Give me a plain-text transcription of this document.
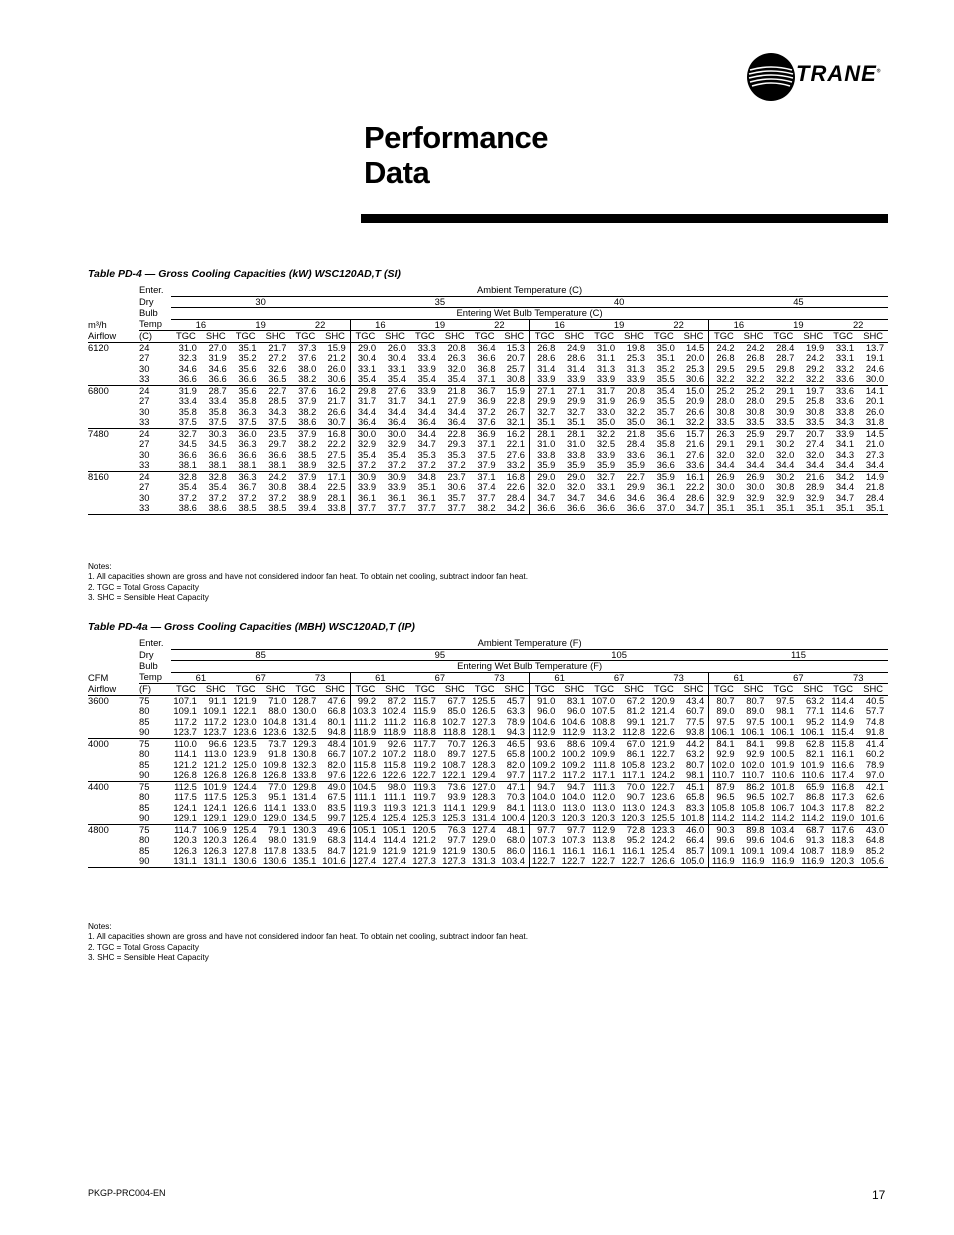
TRANE®
Performance
Data
Table PD-4 — Gross Cooling Capacities (kW) WSC120AD,T (SI)
	Enter.	Ambient Temperature (C)																							
	Dry	30						35						40						45					
	Bulb	Entering Wet Bulb Temperature (C)																							
m³/h	Temp	16		19		22		16		19		22		16		19		22		16		19		22	
Airflow	(C)	TGC	SHC	TGC	SHC	TGC	SHC	TGC	SHC	TGC	SHC	TGC	SHC	TGC	SHC	TGC	SHC	TGC	SHC	TGC	SHC	TGC	SHC	TGC	SHC
6120	24	31.0	27.0	35.1	21.7	37.3	15.9	29.0	26.0	33.3	20.8	36.4	15.3	26.8	24.9	31.0	19.8	35.0	14.5	24.2	24.2	28.4	19.9	33.1	13.7
	27	32.3	31.9	35.2	27.2	37.6	21.2	30.4	30.4	33.4	26.3	36.6	20.7	28.6	28.6	31.1	25.3	35.1	20.0	26.8	26.8	28.7	24.2	33.1	19.1
	30	34.6	34.6	35.6	32.6	38.0	26.0	33.1	33.1	33.9	32.0	36.8	25.7	31.4	31.4	31.3	31.3	35.2	25.3	29.5	29.5	29.8	29.2	33.2	24.6
	33	36.6	36.6	36.6	36.5	38.2	30.6	35.4	35.4	35.4	35.4	37.1	30.8	33.9	33.9	33.9	33.9	35.5	30.6	32.2	32.2	32.2	32.2	33.6	30.0
6800	24	31.9	28.7	35.6	22.7	37.6	16.2	29.8	27.6	33.9	21.8	36.7	15.9	27.1	27.1	31.7	20.8	35.4	15.0	25.2	25.2	29.1	19.7	33.6	14.1
	27	33.4	33.4	35.8	28.5	37.9	21.7	31.7	31.7	34.1	27.9	36.9	22.8	29.9	29.9	31.9	26.9	35.5	20.9	28.0	28.0	29.5	25.8	33.6	20.1
	30	35.8	35.8	36.3	34.3	38.2	26.6	34.4	34.4	34.4	34.4	37.2	26.7	32.7	32.7	33.0	32.2	35.7	26.6	30.8	30.8	30.9	30.8	33.8	26.0
	33	37.5	37.5	37.5	37.5	38.6	30.7	36.4	36.4	36.4	36.4	37.6	32.1	35.1	35.1	35.0	35.0	36.1	32.2	33.5	33.5	33.5	33.5	34.3	31.8
7480	24	32.7	30.3	36.0	23.5	37.9	16.8	30.0	30.0	34.4	22.8	36.9	16.2	28.1	28.1	32.2	21.8	35.6	15.7	26.3	25.9	29.7	20.7	33.9	14.5
	27	34.5	34.5	36.3	29.7	38.2	22.2	32.9	32.9	34.7	29.3	37.1	22.1	31.0	31.0	32.5	28.4	35.8	21.6	29.1	29.1	30.2	27.4	34.1	21.0
	30	36.6	36.6	36.6	36.6	38.5	27.5	35.4	35.4	35.3	35.3	37.5	27.6	33.8	33.8	33.9	33.6	36.1	27.6	32.0	32.0	32.0	32.0	34.3	27.3
	33	38.1	38.1	38.1	38.1	38.9	32.5	37.2	37.2	37.2	37.2	37.9	33.2	35.9	35.9	35.9	35.9	36.6	33.6	34.4	34.4	34.4	34.4	34.4	34.4
8160	24	32.8	32.8	36.3	24.2	37.9	17.1	30.9	30.9	34.8	23.7	37.1	16.8	29.0	29.0	32.7	22.7	35.9	16.1	26.9	26.9	30.2	21.6	34.2	14.9
	27	35.4	35.4	36.7	30.8	38.4	22.5	33.9	33.9	35.1	30.6	37.4	22.6	32.0	32.0	33.1	29.9	36.1	22.2	30.0	30.0	30.8	28.9	34.4	21.8
	30	37.2	37.2	37.2	37.2	38.9	28.1	36.1	36.1	36.1	35.7	37.7	28.4	34.7	34.7	34.6	34.6	36.4	28.6	32.9	32.9	32.9	32.9	34.7	28.4
	33	38.6	38.6	38.5	38.5	39.4	33.8	37.7	37.7	37.7	37.7	38.2	34.2	36.6	36.6	36.6	36.6	37.0	34.7	35.1	35.1	35.1	35.1	35.1	35.1
Notes:
1. All capacities shown are gross and have not considered indoor fan heat. To obtain net cooling, subtract indoor fan heat.
2. TGC = Total Gross Capacity
3. SHC = Sensible Heat Capacity
Table PD-4a — Gross Cooling Capacities (MBH) WSC120AD,T (IP)
	Enter.	Ambient Temperature (F)																							
	Dry	85						95						105						115					
	Bulb	Entering Wet Bulb Temperature (F)																							
CFM	Temp	61		67		73		61		67		73		61		67		73		61		67		73	
Airflow	(F)	TGC	SHC	TGC	SHC	TGC	SHC	TGC	SHC	TGC	SHC	TGC	SHC	TGC	SHC	TGC	SHC	TGC	SHC	TGC	SHC	TGC	SHC	TGC	SHC
3600	75	107.1	91.1	121.9	71.0	128.7	47.6	99.2	87.2	115.7	67.7	125.5	45.7	91.0	83.1	107.0	67.2	120.9	43.4	80.7	80.7	97.5	63.2	114.4	40.5
	80	109.1	109.1	122.1	88.0	130.0	66.8	103.3	102.4	115.9	85.0	126.5	63.3	96.0	96.0	107.5	81.2	121.4	60.7	89.0	89.0	98.1	77.1	114.6	57.7
	85	117.2	117.2	123.0	104.8	131.4	80.1	111.2	111.2	116.8	102.7	127.3	78.9	104.6	104.6	108.8	99.1	121.7	77.5	97.5	97.5	100.1	95.2	114.9	74.8
	90	123.7	123.7	123.6	123.6	132.5	94.8	118.9	118.9	118.8	118.8	128.1	94.3	112.9	112.9	113.2	112.8	122.6	93.8	106.1	106.1	106.1	106.1	115.4	91.8
4000	75	110.0	96.6	123.5	73.7	129.3	48.4	101.9	92.6	117.7	70.7	126.3	46.5	93.6	88.6	109.4	67.0	121.9	44.2	84.1	84.1	99.8	62.8	115.8	41.4
	80	114.1	113.0	123.9	91.8	130.8	66.7	107.2	107.2	118.0	89.7	127.5	65.8	100.2	100.2	109.9	86.1	122.7	63.2	92.9	92.9	100.5	82.1	116.1	60.2
	85	121.2	121.2	125.0	109.8	132.3	82.0	115.8	115.8	119.2	108.7	128.3	82.0	109.2	109.2	111.8	105.8	123.2	80.7	102.0	102.0	101.9	101.9	116.6	78.9
	90	126.8	126.8	126.8	126.8	133.8	97.6	122.6	122.6	122.7	122.1	129.4	97.7	117.2	117.2	117.1	117.1	124.2	98.1	110.7	110.7	110.6	110.6	117.4	97.0
4400	75	112.5	101.9	124.4	77.0	129.8	49.0	104.5	98.0	119.3	73.6	127.0	47.1	94.7	94.7	111.3	70.0	122.7	45.1	87.9	86.2	101.8	65.9	116.8	42.1
	80	117.5	117.5	125.3	95.1	131.4	67.5	111.1	111.1	119.7	93.9	128.3	70.3	104.0	104.0	112.0	90.7	123.6	65.8	96.5	96.5	102.7	86.8	117.3	62.6
	85	124.1	124.1	126.6	114.1	133.0	83.5	119.3	119.3	121.3	114.1	129.9	84.1	113.0	113.0	113.0	113.0	124.3	83.3	105.8	105.8	106.7	104.3	117.8	82.2
	90	129.1	129.1	129.0	129.0	134.5	99.7	125.4	125.4	125.3	125.3	131.4	100.4	120.3	120.3	120.3	120.3	125.5	101.8	114.2	114.2	114.2	114.2	119.0	101.6
4800	75	114.7	106.9	125.4	79.1	130.3	49.6	105.1	105.1	120.5	76.3	127.4	48.1	97.7	97.7	112.9	72.8	123.3	46.0	90.3	89.8	103.4	68.7	117.6	43.0
	80	120.3	120.3	126.4	98.0	131.9	68.3	114.4	114.4	121.2	97.7	129.0	68.0	107.3	107.3	113.8	95.2	124.2	66.4	99.6	99.6	104.6	91.3	118.3	64.8
	85	126.3	126.3	127.8	117.8	133.5	84.7	121.9	121.9	121.9	121.9	130.5	86.0	116.1	116.1	116.1	116.1	125.4	85.7	109.1	109.1	109.4	108.7	118.9	85.2
	90	131.1	131.1	130.6	130.6	135.1	101.6	127.4	127.4	127.3	127.3	131.3	103.4	122.7	122.7	122.7	122.7	126.6	105.0	116.9	116.9	116.9	116.9	120.3	105.6
Notes:
1. All capacities shown are gross and have not considered indoor fan heat. To obtain net cooling, subtract indoor fan heat.
2. TGC = Total Gross Capacity
3. SHC = Sensible Heat Capacity
PKGP-PRC004-EN	17
